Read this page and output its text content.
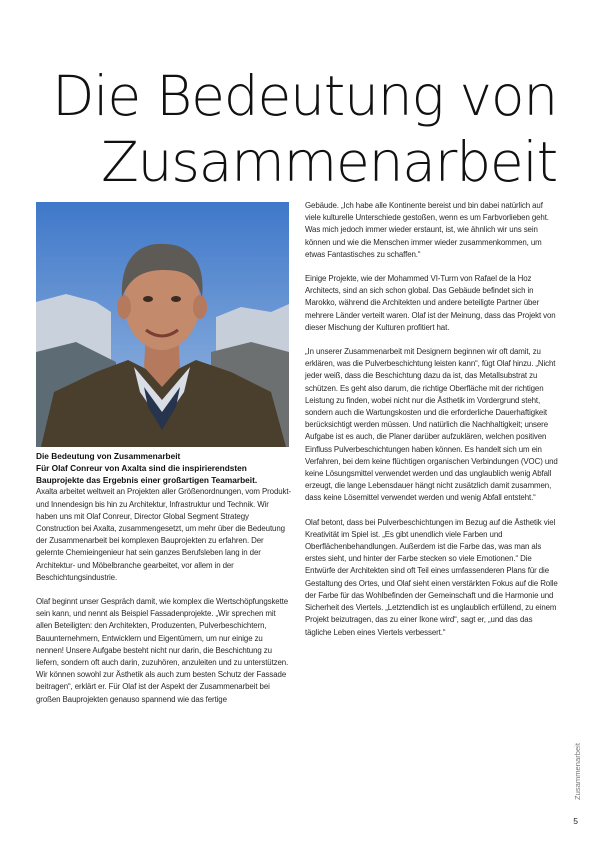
Die Bedeutung von
Zusammenarbeit
Die Bedeutung von Zusammenarbeit
Für Olaf Conreur von Axalta sind die inspirierendsten Bauprojekte das Ergebnis einer großartigen Teamarbeit.

Axalta arbeitet weltweit an Projekten aller Größenordnungen, vom Produkt- und Innendesign bis hin zu Architektur, Infrastruktur und Technik. Wir haben uns mit Olaf Conreur, Director Global Segment Strategy Construction bei Axalta, zusammengesetzt, um mehr über die Bedeutung der Zusammenarbeit bei komplexen Bauprojekten zu erfahren. Der gelernte Chemieingenieur hat sein ganzes Berufsleben lang in der Architektur- und Möbelbranche gearbeitet, vor allem in der Beschichtungsindustrie.

Olaf beginnt unser Gespräch damit, wie komplex die Wertschöpfungskette sein kann, und nennt als Beispiel Fassadenprojekte. „Wir sprechen mit allen Beteiligten: den Architekten, Produzenten, Pulverbeschichtern, Bauunternehmern, Entwicklern und Eigentümern, um nur einige zu nennen! Unsere Aufgabe besteht nicht nur darin, die Beschichtung zu liefern, sondern oft auch darin, zuzuhören, anzuleiten und zu unterstützen. Wir können sowohl zur Ästhetik als auch zum besten Schutz der Fassade beitragen“, erklärt er. Für Olaf ist der Aspekt der Zusammenarbeit bei großen Bauprojekten genauso spannend wie das fertige

Gebäude. „Ich habe alle Kontinente bereist und bin dabei natürlich auf viele kulturelle Unterschiede gestoßen, wenn es um Farbvorlieben geht. Was mich jedoch immer wieder erstaunt, ist, wie ähnlich wir uns sein können und wie die Menschen immer wieder zusammenkommen, um etwas Fantastisches zu schaffen.“

Einige Projekte, wie der Mohammed VI-Turm von Rafael de la Hoz Architects, sind an sich schon global. Das Gebäude befindet sich in Marokko, während die Architekten und andere beteiligte Partner über mehrere Länder verteilt waren. Olaf ist der Meinung, dass das Projekt von dieser Mischung der Kulturen profitiert hat.

„In unserer Zusammenarbeit mit Designern beginnen wir oft damit, zu erklären, was die Pulverbeschichtung leisten kann“, fügt Olaf hinzu. „Nicht jeder weiß, dass die Beschichtung dazu da ist, das Metallsubstrat zu schützen. Es geht also darum, die richtige Oberfläche mit der richtigen Leistung zu finden, wobei nicht nur die Ästhetik im Vordergrund steht, sondern auch die Wartungskosten und die erforderliche Dauerhaftigkeit berücksichtigt werden müssen. Und natürlich die Nachhaltigkeit; unsere Aufgabe ist es auch, die Planer darüber aufzuklären, welchen positiven Einfluss Pulverbeschichtungen haben können. Es handelt sich um ein Verfahren, bei dem keine flüchtigen organischen Verbindungen (VOC) und keine Lösungsmittel verwendet werden und das unglaublich wenig Abfall erzeugt, die lange Lebensdauer hängt nicht zusätzlich damit zusammen, dass keine Lösemittel verwendet werden und wenig Abfall entsteht.“

Olaf betont, dass bei Pulverbeschichtungen im Bezug auf die Ästhetik viel Kreativität im Spiel ist. „Es gibt unendlich viele Farben und Oberflächenbehandlungen. Außerdem ist die Farbe das, was man als erstes sieht, und hinter der Farbe stecken so viele Emotionen.“ Die Entwürfe der Architekten sind oft Teil eines umfassenderen Plans für die Gestaltung des Ortes, und Olaf sieht einen verstärkten Fokus auf die Rolle der Farbe für das Wohlbefinden der Gemeinschaft und die Harmonie und Sicherheit des Viertels. „Letztendlich ist es unglaublich erfüllend, zu einem Projekt beizutragen, das zu einer Ikone wird“, sagt er, „und das das tägliche Leben eines Viertels verbessert.“

Zusammenarbeit
5
